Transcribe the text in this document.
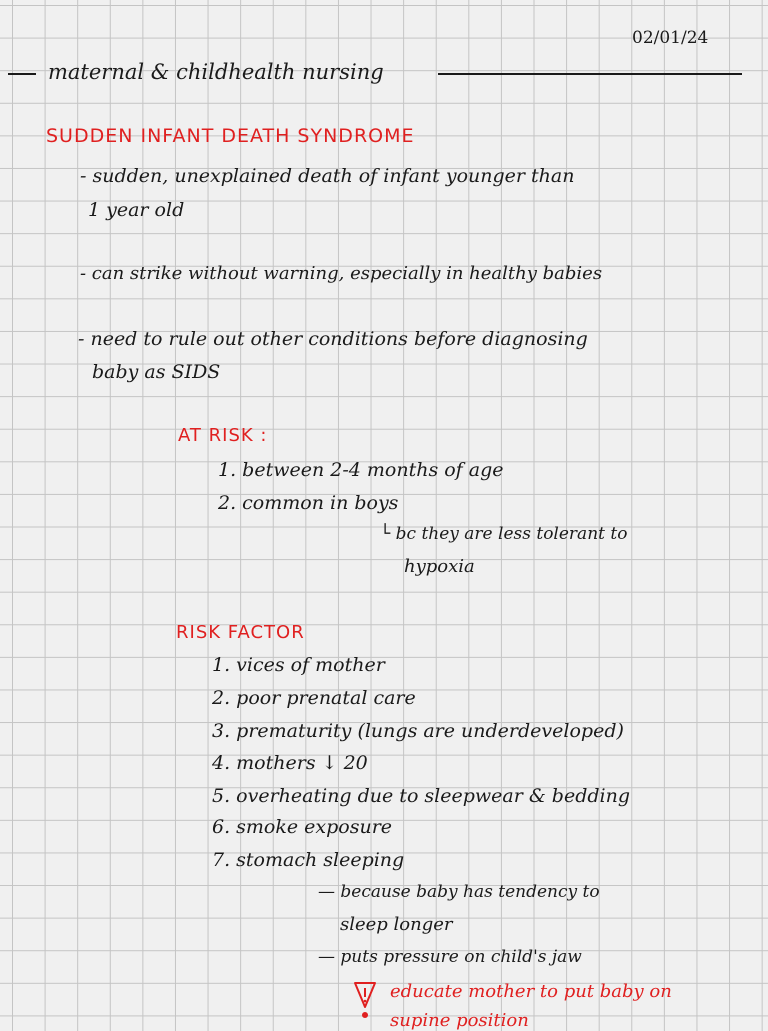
02/01/24
maternal & childhealth nursing
SUDDEN INFANT DEATH SYNDROME
- sudden, unexplained death of infant younger than
1 year old
- can strike without warning, especially in healthy babies
- need to rule out other conditions before diagnosing
baby as SIDS
AT RISK :
1. between 2-4 months of age
2. common in boys
└ bc they are less tolerant to
hypoxia
RISK FACTOR
1. vices of mother
2. poor prenatal care
3. prematurity (lungs are underdeveloped)
4. mothers ↓ 20
5. overheating due to sleepwear & bedding
6. smoke exposure
7. stomach sleeping
— because baby has tendency to
sleep longer
— puts pressure on child's jaw
educate mother to put baby on
supine position
